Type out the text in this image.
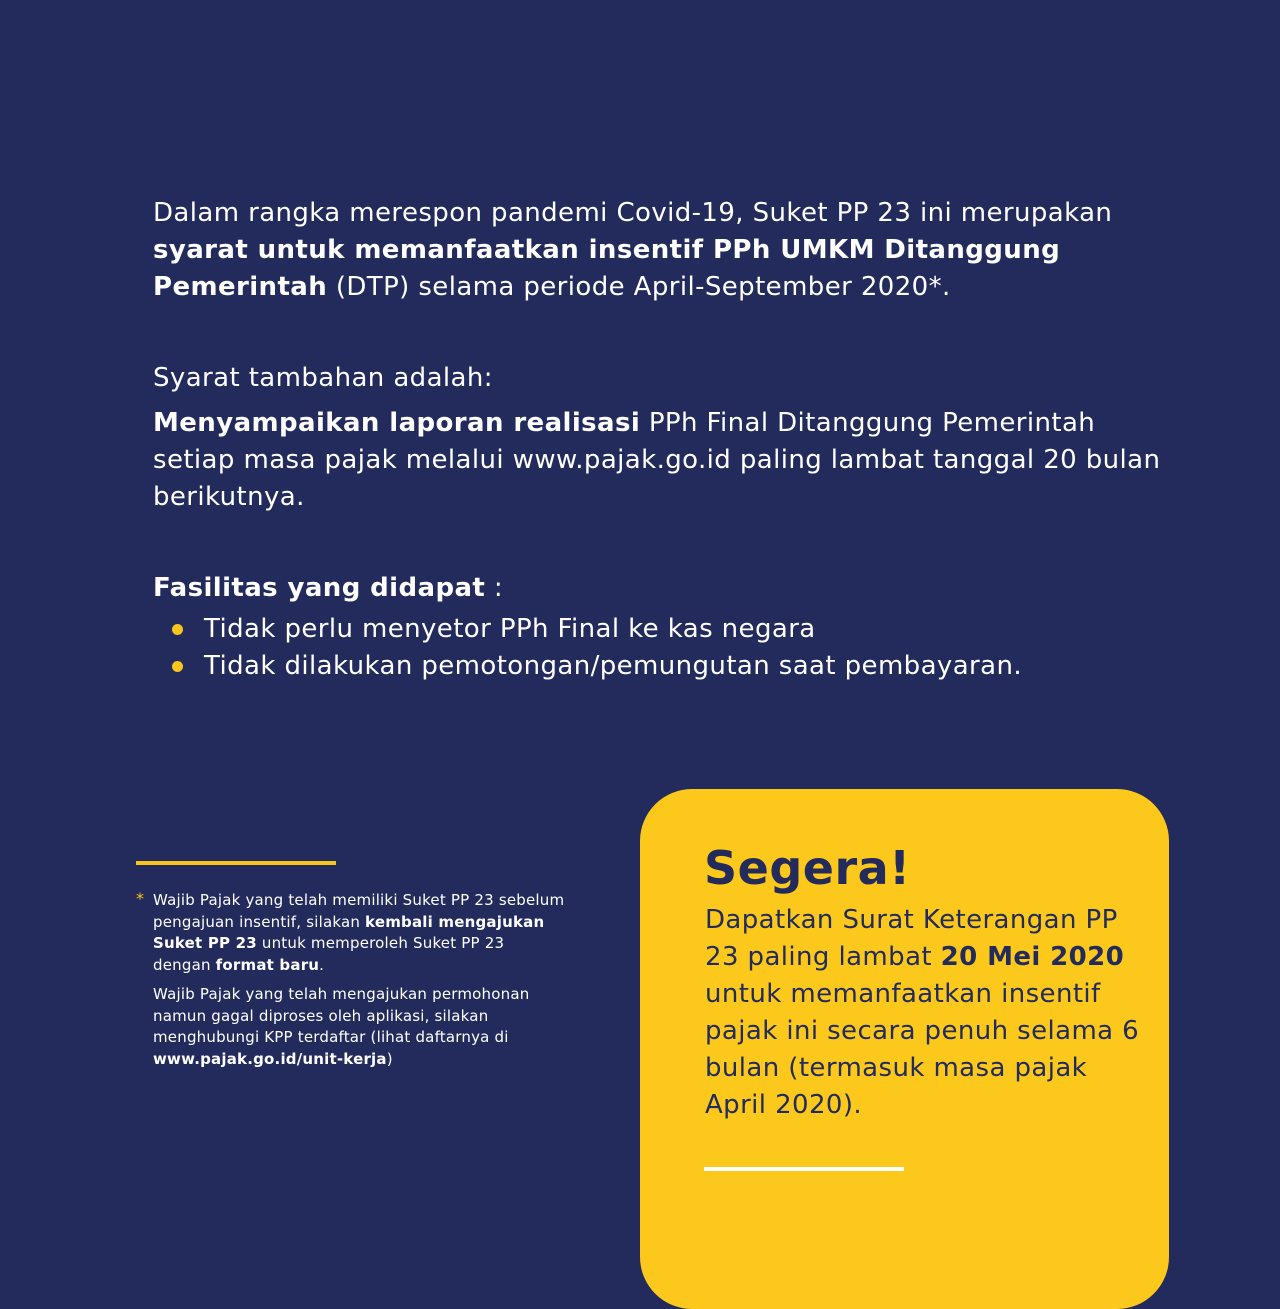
Dalam rangka merespon pandemi Covid-19, Suket PP 23 ini merupakan syarat untuk memanfaatkan insentif PPh UMKM Ditanggung Pemerintah (DTP) selama periode April-September 2020*.

Syarat tambahan adalah:

Menyampaikan laporan realisasi PPh Final Ditanggung Pemerintah setiap masa pajak melalui www.pajak.go.id paling lambat tanggal 20 bulan berikutnya.

Fasilitas yang didapat :

Tidak perlu menyetor PPh Final ke kas negara
Tidak dilakukan pemotongan/pemungutan saat pembayaran.
* Wajib Pajak yang telah memiliki Suket PP 23 sebelum pengajuan insentif, silakan kembali mengajukan Suket PP 23 untuk memperoleh Suket PP 23 dengan format baru.

Wajib Pajak yang telah mengajukan permohonan namun gagal diproses oleh aplikasi, silakan menghubungi KPP terdaftar (lihat daftarnya di www.pajak.go.id/unit-kerja)

Segera!

Dapatkan Surat Keterangan PP 23 paling lambat 20 Mei 2020 untuk memanfaatkan insentif pajak ini secara penuh selama 6 bulan (termasuk masa pajak April 2020).
